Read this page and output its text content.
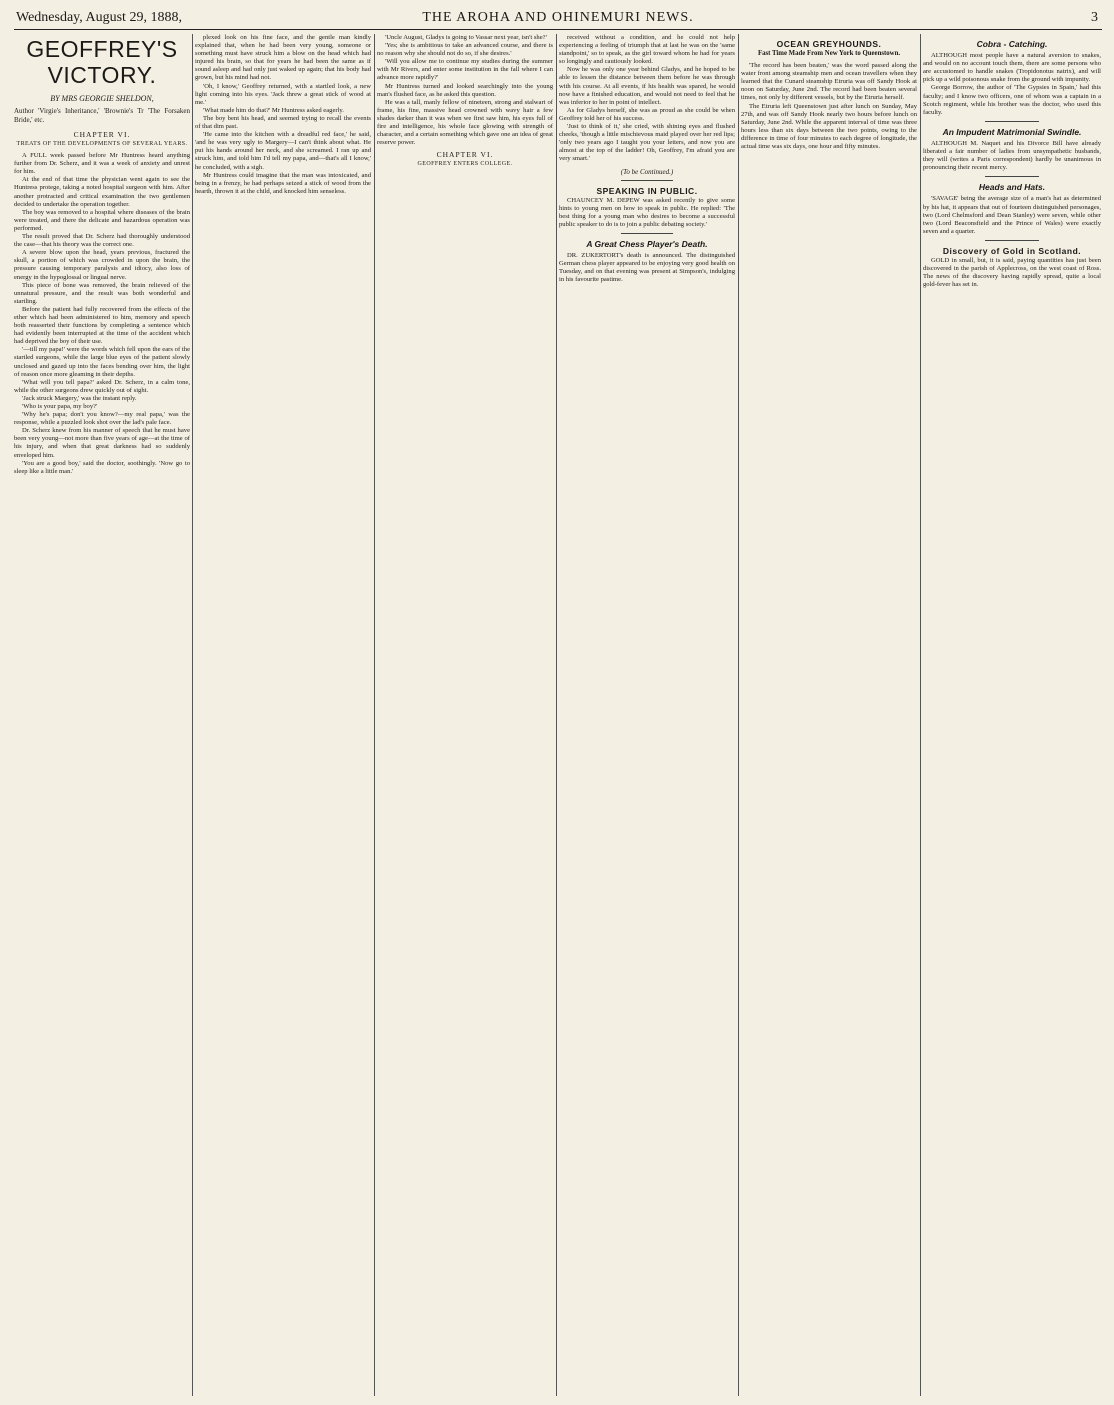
Wednesday, August 29, 1888,	THE AROHA AND OHINEMURI NEWS.	3
GEOFFREY'S VICTORY.
BY MRS GEORGIE SHELDON,
Author 'Virgie's Inheritance,' 'Brownie's Tr 'The Forsaken Bride,' etc.
CHAPTER VI.
TREATS OF THE DEVELOPMENTS OF SEVERAL YEARS.

A FULL week passed before Mr Huntress heard anything further from Dr. Scherz, and it was a week of anxiety and unrest for him.

At the end of that time the physician went again to see the Huntress protege, taking a noted hospital surgeon with him. After another protracted and critical examination the two gentlemen decided to undertake the operation together.

The boy was removed to a hospital where diseases of the brain were treated, and there the delicate and hazardous operation was performed.

The result proved that Dr. Scherz had thoroughly understood the case—that his theory was the correct one.

A severe blow upon the head, years previous, fractured the skull, a portion of which was crowded in upon the brain, the pressure causing temporary paralysis and idiocy, also loss of energy in the hypoglossal or lingual nerve.

This piece of bone was removed, the brain relieved of the unnatural pressure, and the result was both wonderful and startling.

Before the patient had fully recovered from the effects of the ether which had been administered to him, memory and speech both reasserted their functions by completing a sentence which had evidently been interrupted at the time of the accident which had deprived the boy of their use.

'—till my papa!' were the words which fell upon the ears of the startled surgeons, while the large blue eyes of the patient slowly unclosed and gazed up into the faces bending over him, the light of reason once more gleaming in their depths.

'What will you tell papa?' asked Dr. Scherz, in a calm tone, while the other surgeons drew quickly out of sight.

'Jack struck Margery,' was the instant reply.

'Who is your papa, my boy?'

'Why he's papa; don't you know?—my real papa,' was the response, while a puzzled look shot over the lad's pale face.

Dr. Scherz knew from his manner of speech that he must have been very young—not more than five years of age—at the time of his injury, and when that great darkness had so suddenly enveloped him.

'You are a good boy,' said the doctor, soothingly. 'Now go to sleep like a little man.'

plexed look on his fine face, and the gentle man kindly explained that, when he had been very young, someone or something must have struck him a blow on the head which had injured his brain, so that for years he had been the same as if sound asleep and had only just waked up again; that his body had grown, but his mind had not.

'Oh, I know,' Geoffrey returned, with a startled look, a new light coming into his eyes. 'Jack threw a great stick of wood at me.'

'What made him do that?' Mr Huntress asked eagerly.

The boy bent his head, and seemed trying to recall the events of that dim past.

'He came into the kitchen with a dreadful red face,' he said, 'and he was very ugly to Margery—I can't think about what. He put his hands around her neck, and she screamed. I ran up and struck him, and told him I'd tell my papa, and—that's all I know,' he concluded, with a sigh.

Mr Huntress could imagine that the man was intoxicated, and being in a frenzy, he had perhaps seized a stick of wood from the hearth, thrown it at the child, and knocked him senseless.

'Uncle August, Gladys is going to Vassar next year, isn't she?'

'Yes; she is ambitious to take an advanced course, and there is no reason why she should not do so, if she desires.'

'Will you allow me to continue my studies during the summer with Mr Rivers, and enter some institution in the fall where I can advance more rapidly?'

Mr Huntress turned and looked searchingly into the young man's flushed face, as he asked this question.

He was a tall, manly fellow of nineteen, strong and stalwart of frame, his fine, massive head crowned with wavy hair a few shades darker than it was when we first saw him, his eyes full of fire and intelligence, his whole face glowing with strength of character, and a certain something which gave one an idea of great reserve power.

CHAPTER VI.
GEOFFREY ENTERS COLLEGE.

received without a condition, and he could not help experiencing a feeling of triumph that at last he was on the 'same standpoint,' so to speak, as the girl toward whom he had for years so longingly and cautiously looked.

Now he was only one year behind Gladys, and he hoped to be able to lessen the distance between them before he was through with his course. At all events, if his health was spared, he would now have a finished education, and would not need to feel that he was inferior to her in point of intellect.

As for Gladys herself, she was as proud as she could be when Geoffrey told her of his success.

'Just to think of it,' she cried, with shining eyes and flushed cheeks, 'though a little mischievous maid played over her red lips; 'only two years ago I taught you your letters, and now you are almost at the top of the ladder! Oh, Geoffrey, I'm afraid you are very smart.'

(To be Continued.)
SPEAKING IN PUBLIC.

CHAUNCEY M. DEPEW was asked recently to give some hints to young men on how to speak in public. He replied: 'The best thing for a young man who desires to become a successful public speaker to do is to join a public debating society.'

A Great Chess Player's Death.

DR. ZUKERTORT's death is announced. The distinguished German chess player appeared to be enjoying very good health on Tuesday, and on that evening was present at Simpson's, indulging in his favourite pastime.

OCEAN GREYHOUNDS.
Fast Time Made From New York to Queenstown.

'The record has been beaten,' was the word passed along the water front among steamship men and ocean travellers when they learned that the Cunard steamship Etruria was off Sandy Hook at noon on Saturday, June 2nd. The record had been beaten several times, not only by different vessels, but by the Etruria herself.

The Etruria left Queenstown just after lunch on Sunday, May 27th, and was off Sandy Hook nearly two hours before lunch on Saturday, June 2nd. While the apparent interval of time was three hours less than six days between the two points, owing to the difference in time of four minutes to each degree of longitude, the actual time was six days, one hour and fifty minutes.

Cobra - Catching.

ALTHOUGH most people have a natural aversion to snakes, and would on no account touch them, there are some persons who are accustomed to handle snakes (Tropidonotus natrix), and will pick up a wild poisonous snake from the ground with impunity.

George Borrow, the author of 'The Gypsies in Spain,' had this faculty; and I know two officers, one of whom was a captain in a Scotch regiment, while his brother was the doctor, who used this faculty.

An Impudent Matrimonial Swindle.

ALTHOUGH M. Naquet and his Divorce Bill have already liberated a fair number of ladies from unsympathetic husbands, they will (writes a Paris correspondent) hardly be unanimous in pronouncing their recent mercy.

Heads and Hats.

'SAVAGE' being the average size of a man's hat as determined by his hat, it appears that out of fourteen distinguished personages, two (Lord Chelmsford and Dean Stanley) were seven, while other two (Lord Beaconsfield and the Prince of Wales) were exactly seven and a quarter.

Discovery of Gold in Scotland.

GOLD in small, but, it is said, paying quantities has just been discovered in the parish of Applecross, on the west coast of Ross. The news of the discovery having rapidly spread, quite a local gold-fever has set in.
